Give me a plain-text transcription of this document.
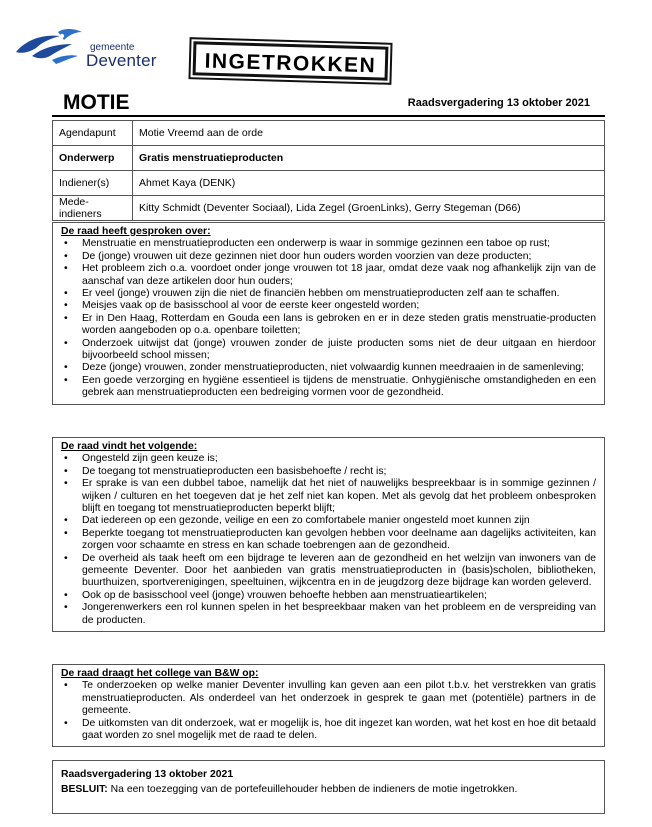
gemeente
Deventer	INGETROKKEN
MOTIE	Raadsvergadering 13 oktober 2021
Agendapunt	Motie Vreemd aan de orde
Onderwerp	Gratis menstruatieproducten
Indiener(s)	Ahmet Kaya (DENK)
Mede-indieners	Kitty Schmidt (Deventer Sociaal), Lida Zegel (GroenLinks), Gerry Stegeman (D66)
De raad heeft gesproken over:
• Menstruatie en menstruatieproducten een onderwerp is waar in sommige gezinnen een taboe op rust;
• De (jonge) vrouwen uit deze gezinnen niet door hun ouders worden voorzien van deze producten;
• Het probleem zich o.a. voordoet onder jonge vrouwen tot 18 jaar, omdat deze vaak nog afhankelijk zijn van de aanschaf van deze artikelen door hun ouders;
• Er veel (jonge) vrouwen zijn die niet de financiën hebben om menstruatieproducten zelf aan te schaffen.
• Meisjes vaak op de basisschool al voor de eerste keer ongesteld worden;
• Er in Den Haag, Rotterdam en Gouda een lans is gebroken en er in deze steden gratis menstruatie-producten worden aangeboden op o.a. openbare toiletten;
• Onderzoek uitwijst dat (jonge) vrouwen zonder de juiste producten soms niet de deur uitgaan en hierdoor bijvoorbeeld school missen;
• Deze (jonge) vrouwen, zonder menstruatieproducten, niet volwaardig kunnen meedraaien in de samenleving;
• Een goede verzorging en hygiëne essentieel is tijdens de menstruatie. Onhygiënische omstandigheden en een gebrek aan menstruatieproducten een bedreiging vormen voor de gezondheid.
De raad vindt het volgende:
• Ongesteld zijn geen keuze is;
• De toegang tot menstruatieproducten een basisbehoefte / recht is;
• Er sprake is van een dubbel taboe, namelijk dat het niet of nauwelijks bespreekbaar is in sommige gezinnen / wijken / culturen en het toegeven dat je het zelf niet kan kopen. Met als gevolg dat het probleem onbesproken blijft en toegang tot menstruatieproducten beperkt blijft;
• Dat iedereen op een gezonde, veilige en een zo comfortabele manier ongesteld moet kunnen zijn
• Beperkte toegang tot menstruatieproducten kan gevolgen hebben voor deelname aan dagelijks activiteiten, kan zorgen voor schaamte en stress en kan schade toebrengen aan de gezondheid.
• De overheid als taak heeft om een bijdrage te leveren aan de gezondheid en het welzijn van inwoners van de gemeente Deventer. Door het aanbieden van gratis menstruatieproducten in (basis)scholen, bibliotheken, buurthuizen, sportverenigingen, speeltuinen, wijkcentra en in de jeugdzorg deze bijdrage kan worden geleverd.
• Ook op de basisschool veel (jonge) vrouwen behoefte hebben aan menstruatieartikelen;
• Jongerenwerkers een rol kunnen spelen in het bespreekbaar maken van het probleem en de verspreiding van de producten.
De raad draagt het college van B&W op:
• Te onderzoeken op welke manier Deventer invulling kan geven aan een pilot t.b.v. het verstrekken van gratis menstruatieproducten. Als onderdeel van het onderzoek in gesprek te gaan met (potentiële) partners in de gemeente.
• De uitkomsten van dit onderzoek, wat er mogelijk is, hoe dit ingezet kan worden, wat het kost en hoe dit betaald gaat worden zo snel mogelijk met de raad te delen.
Raadsvergadering 13 oktober 2021
BESLUIT: Na een toezegging van de portefeuillehouder hebben de indieners de motie ingetrokken.
